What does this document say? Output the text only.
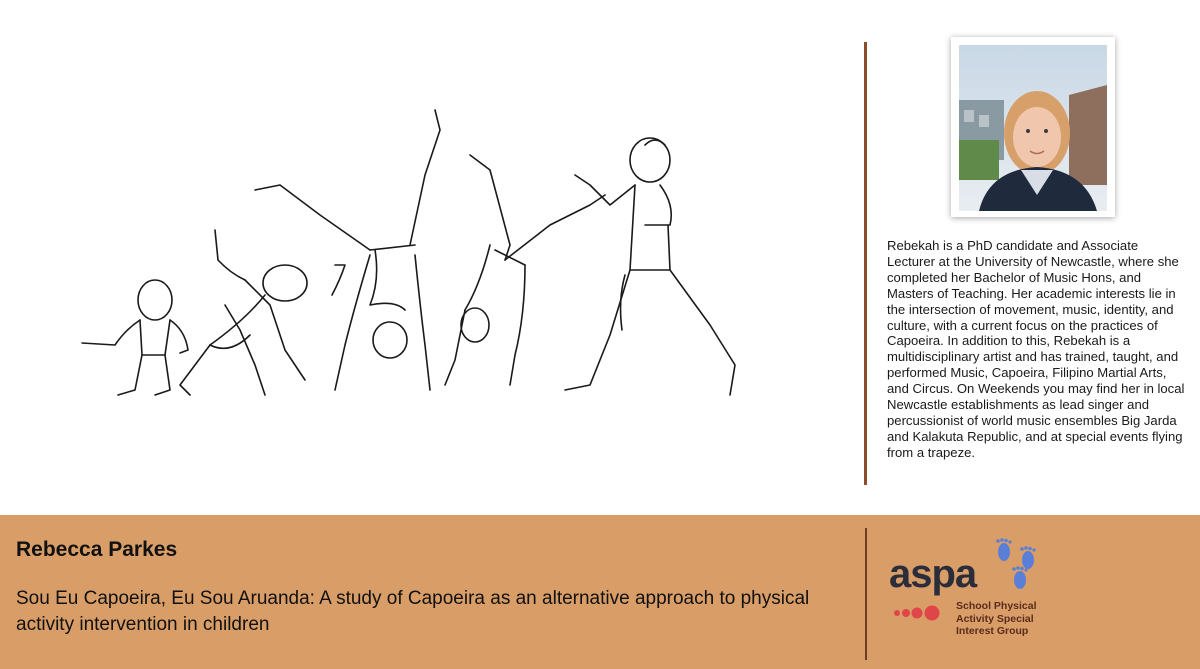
Rebekah is a PhD candidate and Associate Lecturer at the University of Newcastle, where she completed her Bachelor of Music Hons, and Masters of Teaching. Her academic interests lie in the intersection of movement, music, identity, and culture, with a current focus on the practices of Capoeira. In addition to this, Rebekah is a multidisciplinary artist and has trained, taught, and performed Music, Capoeira, Filipino Martial Arts, and Circus. On Weekends you may find her in local Newcastle establishments as lead singer and percussionist of world music ensembles Big Jarda and Kalakuta Republic, and at special events flying from a trapeze.
Rebecca Parkes
Sou Eu Capoeira, Eu Sou Aruanda: A study of Capoeira as an alternative approach to physical activity intervention in children
aspa
School Physical
Activity Special
Interest Group
